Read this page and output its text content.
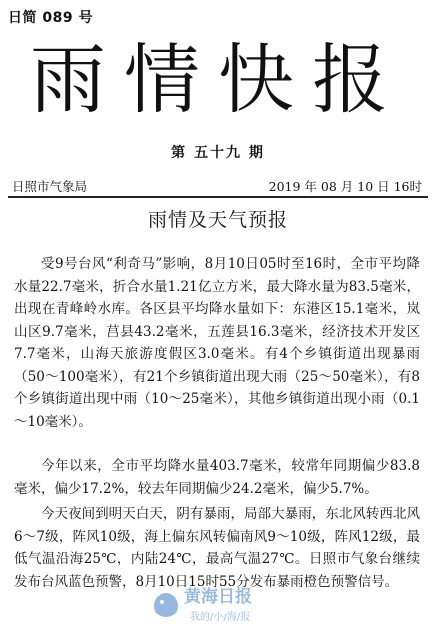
日简 089 号
雨情快报
第 五十九 期
日照市气象局	2019 年 08 月 10 日 16时
雨情及天气预报

受9号台风“利奇马”影响，8月10日05时至16时，全市平均降水量22.7毫米，折合水量1.21亿立方米，最大降水量为83.5毫米，出现在青峰岭水库。各区县平均降水量如下：东港区15.1毫米，岚山区9.7毫米，莒县43.2毫米，五莲县16.3毫米，经济技术开发区7.7毫米，山海天旅游度假区3.0毫米。有4个乡镇街道出现暴雨（50～100毫米），有21个乡镇街道出现大雨（25～50毫米），有8个乡镇街道出现中雨（10～25毫米），其他乡镇街道出现小雨（0.1～10毫米）。

今年以来，全市平均降水量403.7毫米，较常年同期偏少83.8毫米，偏少17.2%，较去年同期偏少24.2毫米，偏少5.7%。

今天夜间到明天白天，阴有暴雨，局部大暴雨，东北风转西北风6～7级，阵风10级，海上偏东风转偏南风9～10级，阵风12级，最低气温沿海25℃，内陆24℃，最高气温27℃。日照市气象台继续发布台风蓝色预警，8月10日15时55分发布暴雨橙色预警信号。

黄海日报
我的/小/海/报
